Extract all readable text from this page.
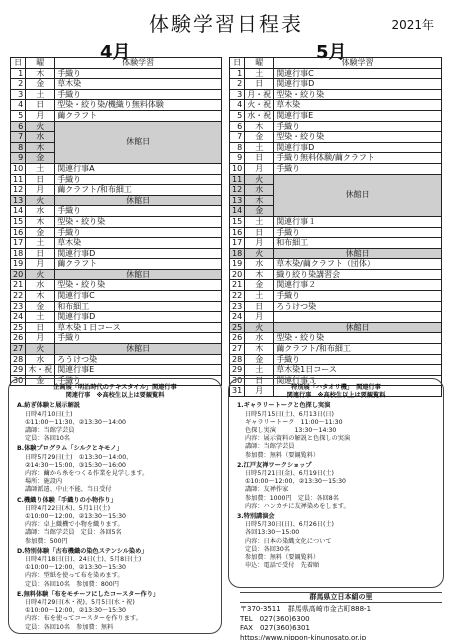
体験学習日程表	2021年
4月	5月
日	曜	体験学習
1	木	手織り
2	金	草木染
3	土	手織り
4	日	型染・絞り染/機織り無料体験
5	月	繭クラフト
6	火	休館日
7	水	
8	木	
9	金	
10	土	関連行事A
11	日	手織り
12	月	繭クラフト/和布細工
13	火	休館日
14	水	手織り
15	木	型染・絞り染
16	金	手織り
17	土	草木染
18	日	関連行事D
19	月	繭クラフト
20	火	休館日
21	水	型染・絞り染
22	木	関連行事C
23	金	和布細工
24	土	関連行事D
25	日	草木染１日コース
26	月	手織り
27	火	休館日
28	水	ろうけつ染
29	木・祝	関連行事E
30	金	手織り
日	曜	体験学習
1	土	関連行事C
2	日	関連行事D
3	月・祝	型染・絞り染
4	火・祝	草木染
5	水・祝	関連行事E
6	木	手織り
7	金	型染・絞り染
8	土	関連行事D
9	日	手織り無料体験/繭クラフト
10	月	手織り
11	火	休館日
12	水	
13	木	
14	金	
15	土	関連行事１
16	日	手織り
17	月	和布細工
18	火	休館日
19	水	草木染/繭クラフト（団体）
20	木	織り絞り染講習会
21	金	関連行事２
22	土	手織り
23	日	ろうけつ染
24	月	
25	火	休館日
26	水	型染・絞り染
27	木	繭クラフト/和布細工
28	金	手織り
29	土	草木染1日コース
30	日	関連行事３
31	月	
企画展「明治時代のテキスタイル」関連行事
関連行事　※高校生以上は要観覧料
A.紡ぎ体験と展示解説
日時4月10日(土)
①11:00～11:30、②13:30～14:00
講師：当館学芸員
定員：各回10名
B.体験プログラム「シルクとキモノ」
日時5月29日(土)　①13:30～14:00、
②14:30～15:00、③15:30～16:00
内容：繭から糸をつくる作業を見学します。
場所：施設内
講師派遣、中止不能、当日受付
C.機織り体験「手織りの小物作り」
日時4月22日(木)、5月1日(土)
①10:00～12:00、②13:30～15:30
内容：卓上織機で小物を織ります。
講師：当館学芸員　定員：各回5名
参加費：500円
D.特別体験「古布機織の染色ステンシル染め」
日時4月18日(日)、24日(土)、5月8日(土)
①10:00～12:00、②13:30～15:30
内容：型紙を使って布を染めます。
定員：各回10名　参加費：800円
E.無料体験「布をモチーフにしたコースター作り」
日時4月29日(木・祝)、5月5日(水・祝)
①10:00～12:00、②13:30～15:30
内容：布を使ってコースターを作ります。
定員：各回10名　参加費：無料
特別展「ハタオリ機」　関連行事
関連行事　※高校生以上は要観覧料
1.ギャラリートークと色探し実演
日時5月15日(土)、6月13日(日)
ギャラリートーク　11:00～11:30
色探し実演　　　13:30～14:30
内容：展示資料の解説と色探しの実演
講師：当館学芸員
参加費：無料（要観覧料）
2.江戸友禅ワークショップ
日時5月21日(金)、6月19日(土)
①10:00～12:00、②13:30～15:30
講師：友禅作家
参加費：1000円　定員：各回8名
内容：ハンカチに友禅染めをします。
3.特別講演会
日時5月30日(日)、6月26日(土)
各回13:30～15:00
内容：日本の染織文化について
定員：各回30名
参加費：無料（要観覧料）
申込：電話で受付　先着順
群馬県立日本絹の里
〒370-3511　群馬県高崎市金古町888-1
TEL　027(360)6300
FAX　027(360)6301
https://www.nippon-kinunosato.or.jp
